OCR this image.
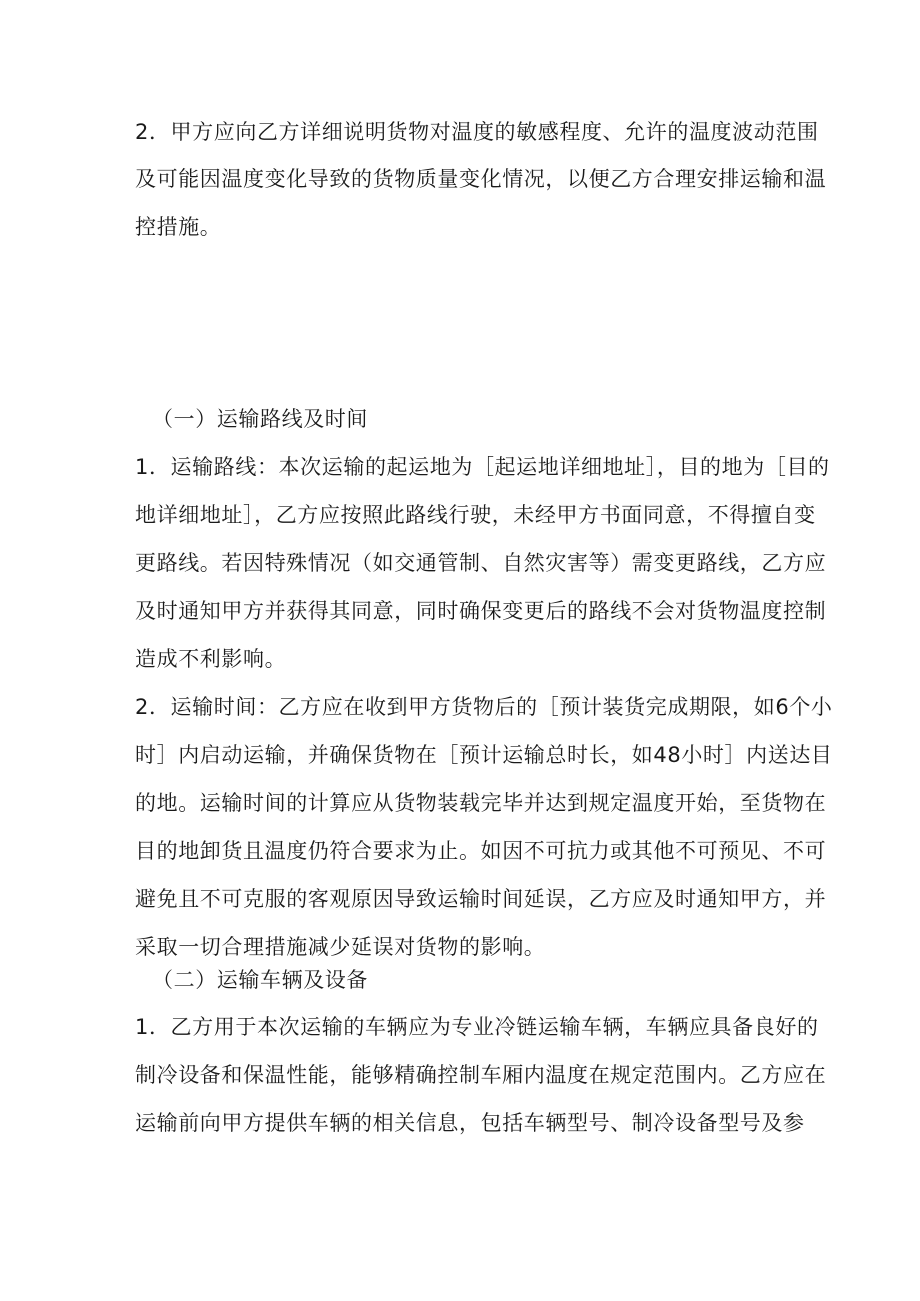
2．甲方应向乙方详细说明货物对温度的敏感程度、允许的温度波动范围
及可能因温度变化导致的货物质量变化情况，以便乙方合理安排运输和温
控措施。
（一）运输路线及时间
1．运输路线：本次运输的起运地为［起运地详细地址］，目的地为［目的
地详细地址］，乙方应按照此路线行驶，未经甲方书面同意，不得擅自变
更路线。若因特殊情况（如交通管制、自然灾害等）需变更路线，乙方应
及时通知甲方并获得其同意，同时确保变更后的路线不会对货物温度控制
造成不利影响。
2．运输时间：乙方应在收到甲方货物后的［预计装货完成期限，如6个小
时］内启动运输，并确保货物在［预计运输总时长，如48小时］内送达目
的地。运输时间的计算应从货物装载完毕并达到规定温度开始，至货物在
目的地卸货且温度仍符合要求为止。如因不可抗力或其他不可预见、不可
避免且不可克服的客观原因导致运输时间延误，乙方应及时通知甲方，并
采取一切合理措施减少延误对货物的影响。
（二）运输车辆及设备
1．乙方用于本次运输的车辆应为专业冷链运输车辆，车辆应具备良好的
制冷设备和保温性能，能够精确控制车厢内温度在规定范围内。乙方应在
运输前向甲方提供车辆的相关信息，包括车辆型号、制冷设备型号及参
